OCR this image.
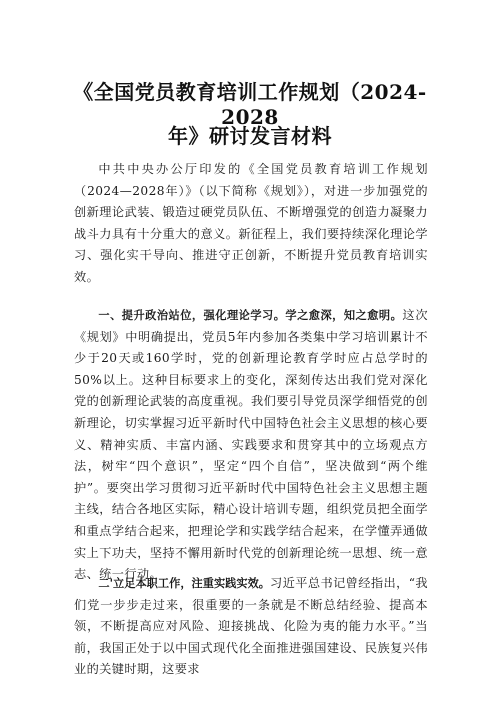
《全国党员教育培训工作规划（2024-2028
年》研讨发言材料

中共中央办公厅印发的《全国党员教育培训工作规划（2024—2028年）》（以下简称《规划》），对进一步加强党的创新理论武装、锻造过硬党员队伍、不断增强党的创造力凝聚力战斗力具有十分重大的意义。新征程上，我们要持续深化理论学习、强化实干导向、推进守正创新，不断提升党员教育培训实效。

一、提升政治站位，强化理论学习。学之愈深，知之愈明。这次《规划》中明确提出，党员5年内参加各类集中学习培训累计不少于20天或160学时，党的创新理论教育学时应占总学时的50%以上。这种目标要求上的变化，深刻传达出我们党对深化党的创新理论武装的高度重视。我们要引导党员深学细悟党的创新理论，切实掌握习近平新时代中国特色社会主义思想的核心要义、精神实质、丰富内涵、实践要求和贯穿其中的立场观点方法，树牢“四个意识”，坚定“四个自信”，坚决做到“两个维护”。要突出学习贯彻习近平新时代中国特色社会主义思想主题主线，结合各地区实际，精心设计培训专题，组织党员把全面学和重点学结合起来，把理论学和实践学结合起来，在学懂弄通做实上下功夫，坚持不懈用新时代党的创新理论统一思想、统一意志、统一行动。

二'立足本职工作，注重实践实效。习近平总书记曾经指出，“我们党一步步走过来，很重要的一条就是不断总结经验、提高本领，不断提高应对风险、迎接挑战、化险为夷的能力水平。”当前，我国正处于以中国式现代化全面推进强国建设、民族复兴伟业的关键时期，这要求
